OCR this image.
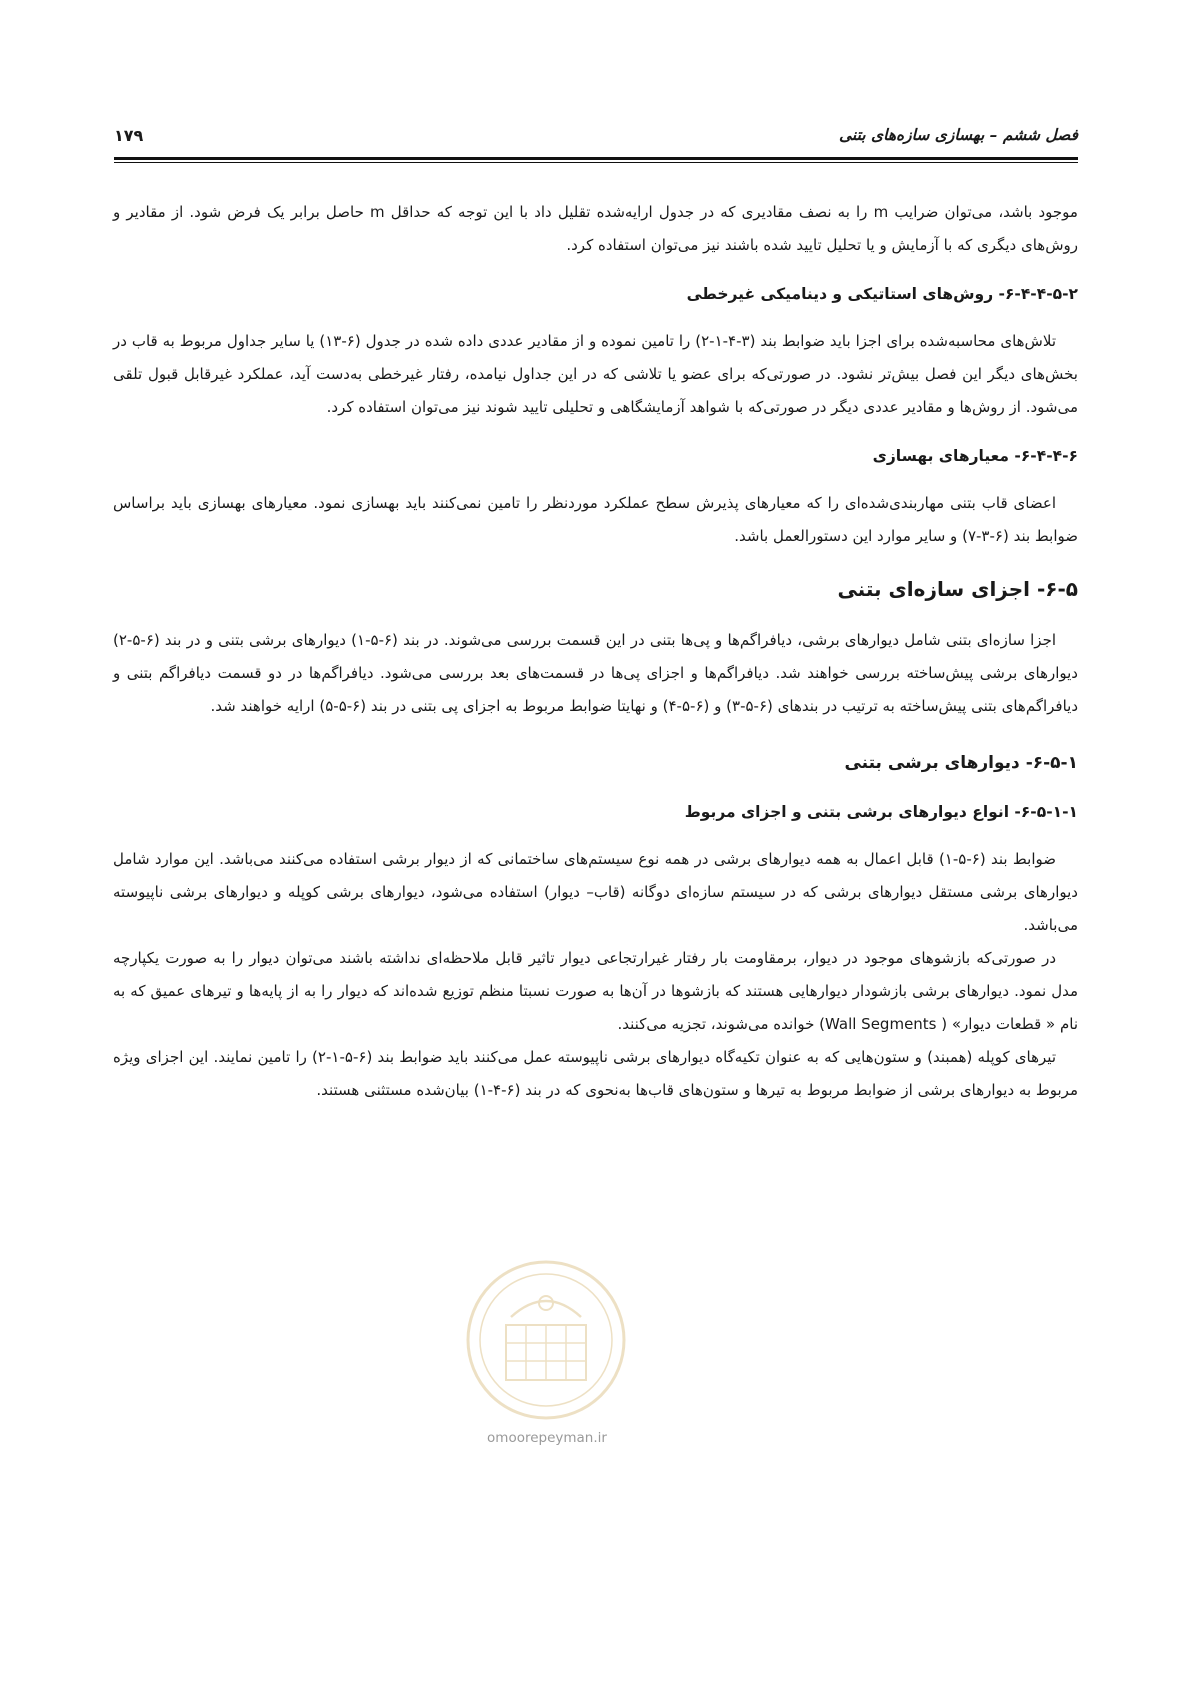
فصل ششم – بهسازی سازه‌های بتنی
۱۷۹

موجود باشد، می‌توان ضرایب m را به نصف مقادیری که در جدول ارایه‌شده تقلیل داد با این توجه که حداقل m حاصل برابر یک فرض شود. از مقادیر و روش‌های دیگری که با آزمایش و یا تحلیل تایید شده باشند نیز می‌توان استفاده کرد.

۶-۴-۴-۵-۲- روش‌های استاتیکی و دینامیکی غیرخطی

تلاش‌های محاسبه‌شده برای اجزا باید ضوابط بند (۳-۴-۱-۲) را تامین نموده و از مقادیر عددی داده شده در جدول (۶-۱۳) یا سایر جداول مربوط به قاب در بخش‌های دیگر این فصل بیش‌تر نشود. در صورتی‌که برای عضو یا تلاشی که در این جداول نیامده، رفتار غیرخطی به‌دست آید، عملکرد غیرقابل قبول تلقی می‌شود. از روش‌ها و مقادیر عددی دیگر در صورتی‌که با شواهد آزمایشگاهی و تحلیلی تایید شوند نیز می‌توان استفاده کرد.

۶-۴-۴-۶- معیارهای بهسازی

اعضای قاب بتنی مهاربندی‌شده‌ای را که معیارهای پذیرش سطح عملکرد موردنظر را تامین نمی‌کنند باید بهسازی نمود. معیارهای بهسازی باید براساس ضوابط بند (۶-۳-۷) و سایر موارد این دستورالعمل باشد.

۶-۵- اجزای سازه‌ای بتنی

اجزا سازه‌ای بتنی شامل دیوارهای برشی، دیافراگم‌ها و پی‌ها بتنی در این قسمت بررسی می‌شوند. در بند (۶-۵-۱) دیوارهای برشی بتنی و در بند (۶-۵-۲) دیوارهای برشی پیش‌ساخته بررسی خواهند شد. دیافراگم‌ها و اجزای پی‌ها در قسمت‌های بعد بررسی می‌شود. دیافراگم‌ها در دو قسمت دیافراگم بتنی و دیافراگم‌های بتنی پیش‌ساخته به ترتیب در بندهای (۶-۵-۳) و (۶-۵-۴) و نهایتا ضوابط مربوط به اجزای پی بتنی در بند (۶-۵-۵) ارایه خواهند شد.

۶-۵-۱- دیوارهای برشی بتنی
۶-۵-۱-۱- انواع دیوارهای برشی بتنی و اجزای مربوط

ضوابط بند (۶-۵-۱) قابل اعمال به همه دیوارهای برشی در همه نوع سیستم‌های ساختمانی که از دیوار برشی استفاده می‌کنند می‌باشد. این موارد شامل دیوارهای برشی مستقل دیوارهای برشی که در سیستم سازه‌ای دوگانه (قاب– دیوار) استفاده می‌شود، دیوارهای برشی کوپله و دیوارهای برشی ناپیوسته می‌باشد.

در صورتی‌که بازشوهای موجود در دیوار، برمقاومت بار رفتار غیرارتجاعی دیوار تاثیر قابل ملاحظه‌ای نداشته باشند می‌توان دیوار را به صورت یکپارچه مدل نمود. دیوارهای برشی بازشودار دیوارهایی هستند که بازشوها در آن‌ها به صورت نسبتا منظم توزیع شده‌اند که دیوار را به از پایه‌ها و تیرهای عمیق که به نام « قطعات دیوار» ( Wall Segments) خوانده می‌شوند، تجزیه می‌کنند.

تیرهای کوپله (همبند) و ستون‌هایی که به عنوان تکیه‌گاه دیوارهای برشی ناپیوسته عمل می‌کنند باید ضوابط بند (۶-۵-۱-۲) را تامین نمایند. این اجزای ویژه مربوط به دیوارهای برشی از ضوابط مربوط به تیرها و ستون‌های قاب‌ها به‌نحوی که در بند (۶-۴-۱) بیان‌شده مستثنی هستند.

omoorepeyman.ir
